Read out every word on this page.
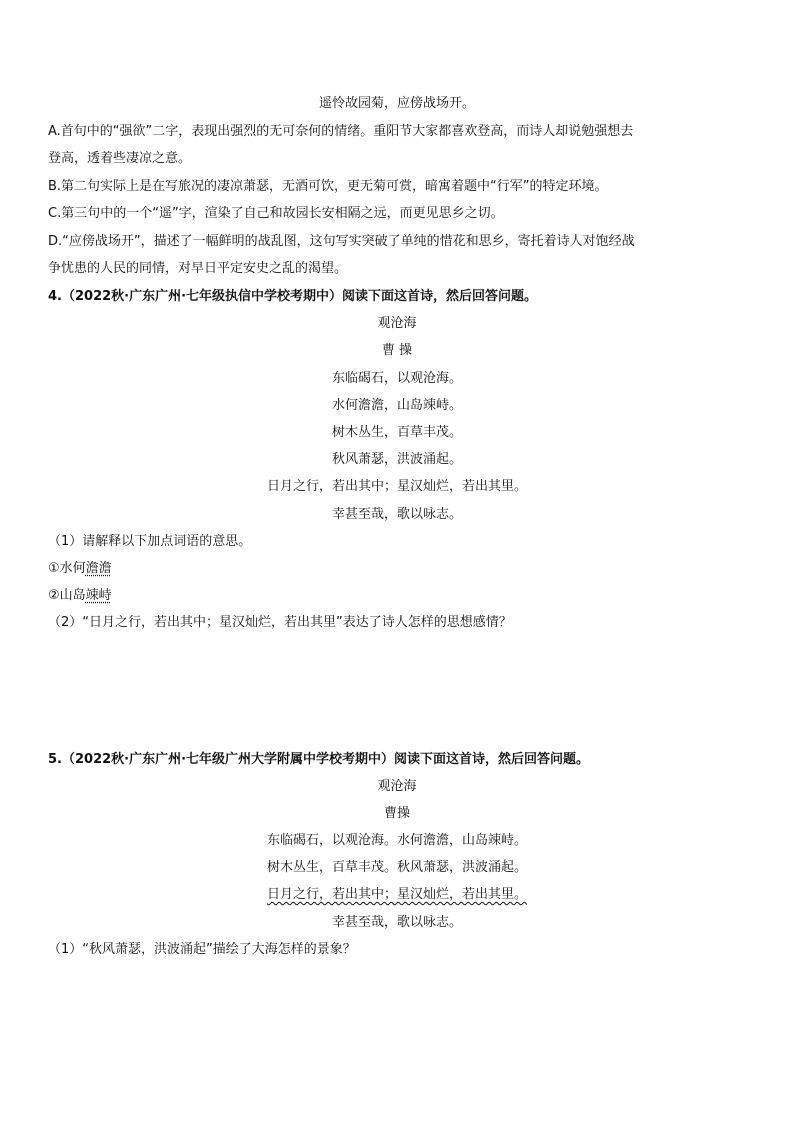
遥怜故园菊，应傍战场开。
A.首句中的“强欲”二字，表现出强烈的无可奈何的情绪。重阳节大家都喜欢登高，而诗人却说勉强想去
登高，透着些凄凉之意。
B.第二句实际上是在写旅况的凄凉萧瑟，无酒可饮，更无菊可赏，暗寓着题中“行军”的特定环境。
C.第三句中的一个“遥”字，渲染了自己和故园长安相隔之远，而更见思乡之切。
D.“应傍战场开”，描述了一幅鲜明的战乱图，这句写实突破了单纯的惜花和思乡，寄托着诗人对饱经战
争忧患的人民的同情，对早日平定安史之乱的渴望。
4.（2022秋·广东广州·七年级执信中学校考期中）阅读下面这首诗，然后回答问题。
观沧海
曹 操
东临碣石，以观沧海。
水何澹澹，山岛竦峙。
树木丛生，百草丰茂。
秋风萧瑟，洪波涌起。
日月之行，若出其中；星汉灿烂，若出其里。
幸甚至哉，歌以咏志。
（1）请解释以下加点词语的意思。
①水何澹澹
②山岛竦峙
（2）“日月之行，若出其中；星汉灿烂，若出其里”表达了诗人怎样的思想感情？
5.（2022秋·广东广州·七年级广州大学附属中学校考期中）阅读下面这首诗，然后回答问题。
观沧海
曹操
东临碣石，以观沧海。水何澹澹，山岛竦峙。
树木丛生，百草丰茂。秋风萧瑟，洪波涌起。
日月之行，若出其中；星汉灿烂，若出其里。
幸甚至哉，歌以咏志。
（1）“秋风萧瑟，洪波涌起”描绘了大海怎样的景象？
